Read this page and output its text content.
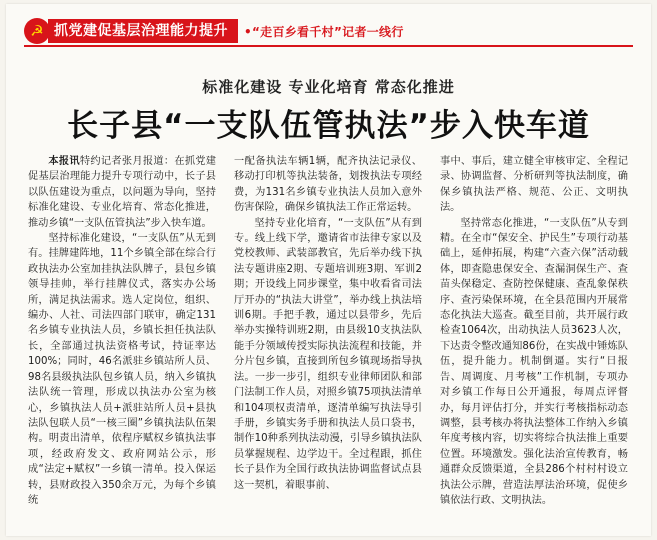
☭ 抓党建促基层治理能力提升	•“走百乡看千村”记者一线行
标准化建设 专业化培育 常态化推进
长子县“一支队伍管执法”步入快车道

本报讯特约记者张月报道：在抓党建促基层治理能力提升专项行动中，长子县以队伍建设为重点，以问题为导向，坚持标准化建设、专业化培育、常态化推进，推动乡镇“一支队伍管执法”步入快车道。

坚持标准化建设，“一支队伍”从无到有。挂牌建阵地，11个乡镇全部在综合行政执法办公室加挂执法队牌子，县包乡镇领导挂帅，举行挂牌仪式，落实办公场所，满足执法需求。选人定岗位，组织、编办、人社、司法四部门联审，确定131名乡镇专业执法人员，乡镇长担任执法队长，全部通过执法资格考试，持证率达100%；同时，46名派驻乡镇站所人员、98名县级执法队包乡镇人员，纳入乡镇执法队统一管理，形成以执法办公室为核心，乡镇执法人员+派驻站所人员+县执法队包联人员“一核三圈”乡镇执法队伍架构。明责出清单，依程序赋权乡镇执法事项，经政府发文、政府网站公示，形成“法定+赋权”一乡镇一清单。投入保运转，县财政投入350余万元，为每个乡镇统

一配备执法车辆1辆，配齐执法记录仪、移动打印机等执法装备，划拨执法专项经费，为131名乡镇专业执法人员加入意外伤害保险，确保乡镇执法工作正常运转。

坚持专业化培育，“一支队伍”从有到专。线上线下学，邀请省市法律专家以及党校教师、武装部教官，先后举办线下执法专题讲座2期、专题培训班3期、军训2期；开设线上同步课堂，集中收看省司法厅开办的“执法大讲堂”，举办线上执法培训6期。手把手教，通过以县带乡，先后举办实操特训班2期，由县级10支执法队能手分领域传授实际执法流程和技能，并分片包乡镇，直接到所包乡镇现场指导执法。一步一步引，组织专业律师团队和部门法制工作人员，对照乡镇75项执法清单和104项权责清单，逐清单编写执法导引手册，乡镇实务手册和执法人员口袋书，制作10种系列执法动漫，引导乡镇执法队员掌握规程、边学边干。全过程跟，抓住长子县作为全国行政执法协调监督试点县这一契机，着眼事前、

事中、事后，建立健全审核审定、全程记录、协调监督、分析研判等执法制度，确保乡镇执法严格、规范、公正、文明执法。

坚持常态化推进，“一支队伍”从专到精。在全市“保安全、护民生”专项行动基础上，延伸拓展，构建“六查六保”活动载体，即查隐患保安全、查漏洞保生产、查苗头保稳定、查防控保健康、查乱象保秩序、查污染保环境，在全县范围内开展常态化执法大巡查。截至目前，共开展行政检查1064次，出动执法人员3623人次，下达责令整改通知86份，在实战中锤炼队伍，提升能力。机制倒逼。实行“日报告、周调度、月考核”工作机制，专项办对乡镇工作每日公开通报，每周点评督办，每月评估打分，并实行考核指标动态调整，县考核办将执法整体工作纳入乡镇年度考核内容，切实将综合执法推上重要位置。环境激发。强化法治宣传教育，畅通群众反馈渠道，全县286个村村村设立执法公示牌，营造法厚法治环境，促使乡镇依法行政、文明执法。
